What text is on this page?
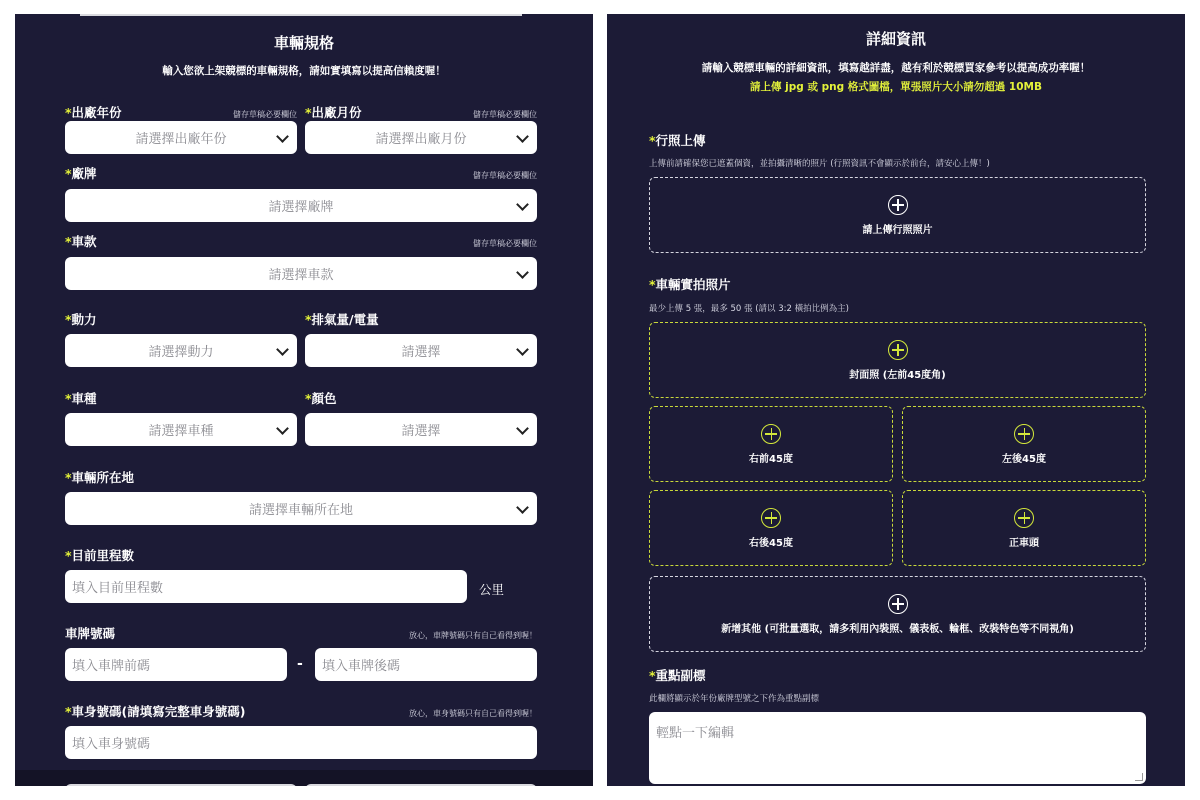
車輛規格
輸入您欲上架競標的車輛規格，請如實填寫以提高信賴度喔！
*出廠年份	儲存草稿必要欄位
請選擇出廠年份
*出廠月份	儲存草稿必要欄位
請選擇出廠月份
*廠牌	儲存草稿必要欄位
請選擇廠牌
*車款	儲存草稿必要欄位
請選擇車款
*動力
請選擇動力
*排氣量/電量
請選擇
*車種
請選擇車種
*顏色
請選擇
*車輛所在地
請選擇車輛所在地
*目前里程數
填入目前里程數	公里
車牌號碼	放心，車牌號碼只有自己看得到喔！
填入車牌前碼	- 填入車牌後碼
*車身號碼(請填寫完整車身號碼)	放心，車身號碼只有自己看得到喔！
填入車身號碼
詳細資訊
請輸入競標車輛的詳細資訊，填寫越詳盡，越有利於競標買家參考以提高成功率喔！
請上傳 jpg 或 png 格式圖檔，單張照片大小請勿超過 10MB
*行照上傳
上傳前請確保您已遮蓋個資，並拍攝清晰的照片 (行照資訊不會顯示於前台，請安心上傳！)
請上傳行照照片
*車輛實拍照片
最少上傳 5 張，最多 50 張 (請以 3:2 橫拍比例為主)
封面照 (左前45度角)
右前45度	左後45度
右後45度	正車頭
新增其他 (可批量選取，請多利用內裝照、儀表板、輪框、改裝特色等不同視角)
*重點副標
此欄將顯示於年份廠牌型號之下作為重點副標
輕點一下編輯
